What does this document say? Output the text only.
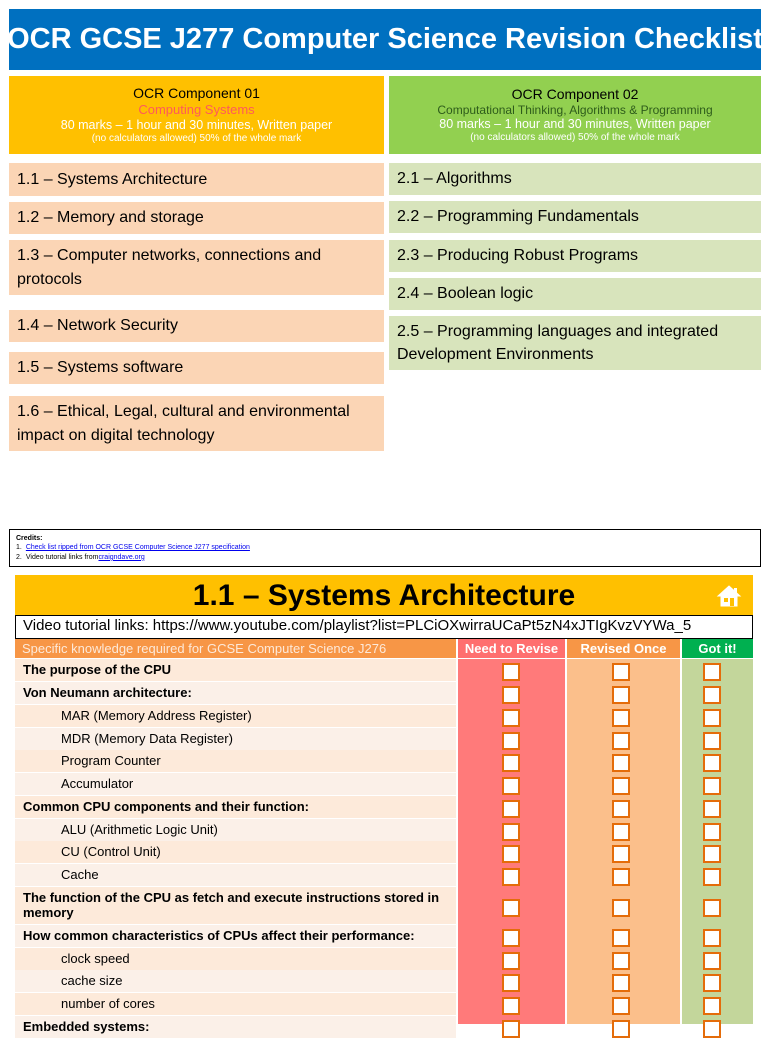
OCR GCSE J277 Computer Science Revision Checklist
OCR Component 01
Computing Systems
80 marks – 1 hour and 30 minutes, Written paper
(no calculators allowed) 50% of the whole mark
OCR Component 02
Computational Thinking, Algorithms & Programming
80 marks – 1 hour and 30 minutes, Written paper
(no calculators allowed) 50% of the whole mark
1.1 – Systems Architecture
1.2 – Memory and storage
1.3 – Computer networks, connections and protocols
1.4 – Network Security
1.5 – Systems software
1.6 – Ethical, Legal, cultural and environmental impact on digital technology
2.1 – Algorithms
2.2 – Programming Fundamentals
2.3 – Producing Robust Programs
2.4 – Boolean logic
2.5 – Programming languages and integrated Development Environments
Credits:
1. Check list ripped from OCR GCSE Computer Science J277 specification
2. Video tutorial links from craigndave.org
1.1 – Systems Architecture
Video tutorial links: https://www.youtube.com/playlist?list=PLCiOXwirraUCaPt5zN4xJTIgKvzVYWa_5
Specific knowledge required for GCSE Computer Science J276	Need to Revise	Revised Once	Got it!
The purpose of the CPU
Von Neumann architecture:
MAR (Memory Address Register)
MDR (Memory Data Register)
Program Counter
Accumulator
Common CPU components and their function:
ALU (Arithmetic Logic Unit)
CU (Control Unit)
Cache
The function of the CPU as fetch and execute instructions stored in memory
How common characteristics of CPUs affect their performance:
clock speed
cache size
number of cores
Embedded systems:
